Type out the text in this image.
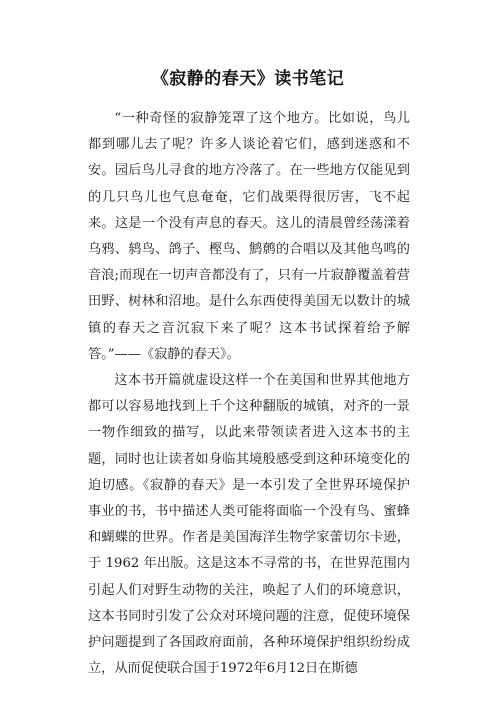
《寂静的春天》读书笔记

“一种奇怪的寂静笼罩了这个地方。比如说，鸟儿都到哪儿去了呢？许多人谈论着它们，感到迷惑和不安。园后鸟儿寻食的地方冷落了。在一些地方仅能见到的几只鸟儿也气息奄奄，它们战栗得很厉害，飞不起来。这是一个没有声息的春天。这儿的清晨曾经荡漾着乌鸦、鸫鸟、鸽子、樫鸟、鹪鹩的合唱以及其他鸟鸣的音浪;而现在一切声音都没有了，只有一片寂静覆盖着营田野、树林和沼地。是什么东西使得美国无以数计的城镇的春天之音沉寂下来了呢？这本书试探着给予解答。”——《寂静的春天》。

这本书开篇就虚设这样一个在美国和世界其他地方都可以容易地找到上千个这种翻版的城镇，对齐的一景一物作细致的描写，以此来带领读者进入这本书的主题，同时也让读者如身临其境般感受到这种环境变化的迫切感。《寂静的春天》是一本引发了全世界环境保护事业的书，书中描述人类可能将面临一个没有鸟、蜜蜂和蝴蝶的世界。作者是美国海洋生物学家蕾切尔卡逊，于 1962 年出版。这是这本不寻常的书，在世界范围内引起人们对野生动物的关注，唤起了人们的环境意识，这本书同时引发了公众对环境问题的注意，促使环境保护问题提到了各国政府面前，各种环境保护组织纷纷成立，从而促使联合国于1972年6月12日在斯德
